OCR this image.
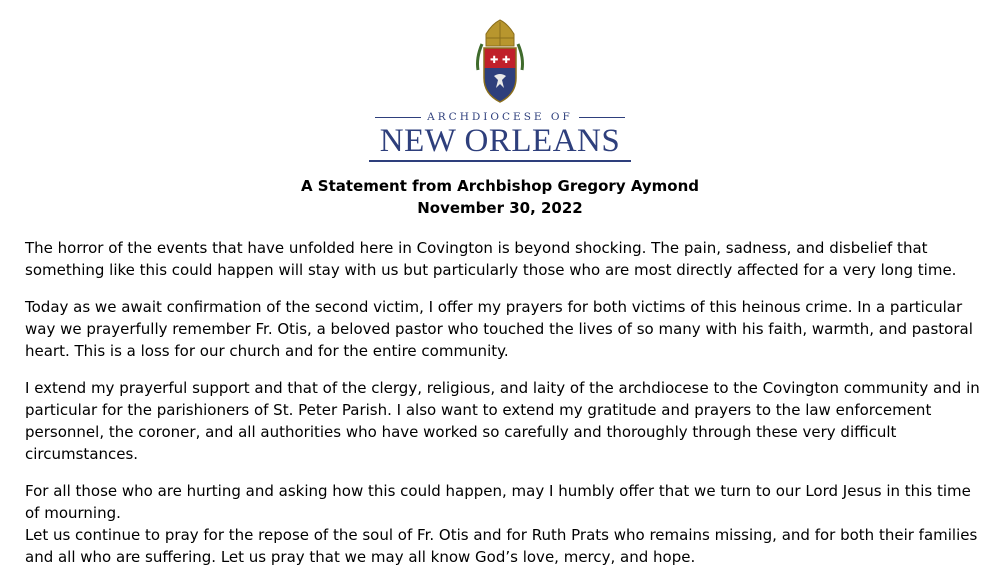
✚ ✚
ARCHDIOCESE OF
NEW ORLEANS
A Statement from Archbishop Gregory Aymond
November 30, 2022

The horror of the events that have unfolded here in Covington is beyond shocking. The pain, sadness, and disbelief that something like this could happen will stay with us but particularly those who are most directly affected for a very long time.

Today as we await confirmation of the second victim, I offer my prayers for both victims of this heinous crime. In a particular way we prayerfully remember Fr. Otis, a beloved pastor who touched the lives of so many with his faith, warmth, and pastoral heart. This is a loss for our church and for the entire community.

I extend my prayerful support and that of the clergy, religious, and laity of the archdiocese to the Covington community and in particular for the parishioners of St. Peter Parish. I also want to extend my gratitude and prayers to the law enforcement personnel, the coroner, and all authorities who have worked so carefully and thoroughly through these very difficult circumstances.

For all those who are hurting and asking how this could happen, may I humbly offer that we turn to our Lord Jesus in this time of mourning.

Let us continue to pray for the repose of the soul of Fr. Otis and for Ruth Prats who remains missing, and for both their families and all who are suffering. Let us pray that we may all know God’s love, mercy, and hope.
